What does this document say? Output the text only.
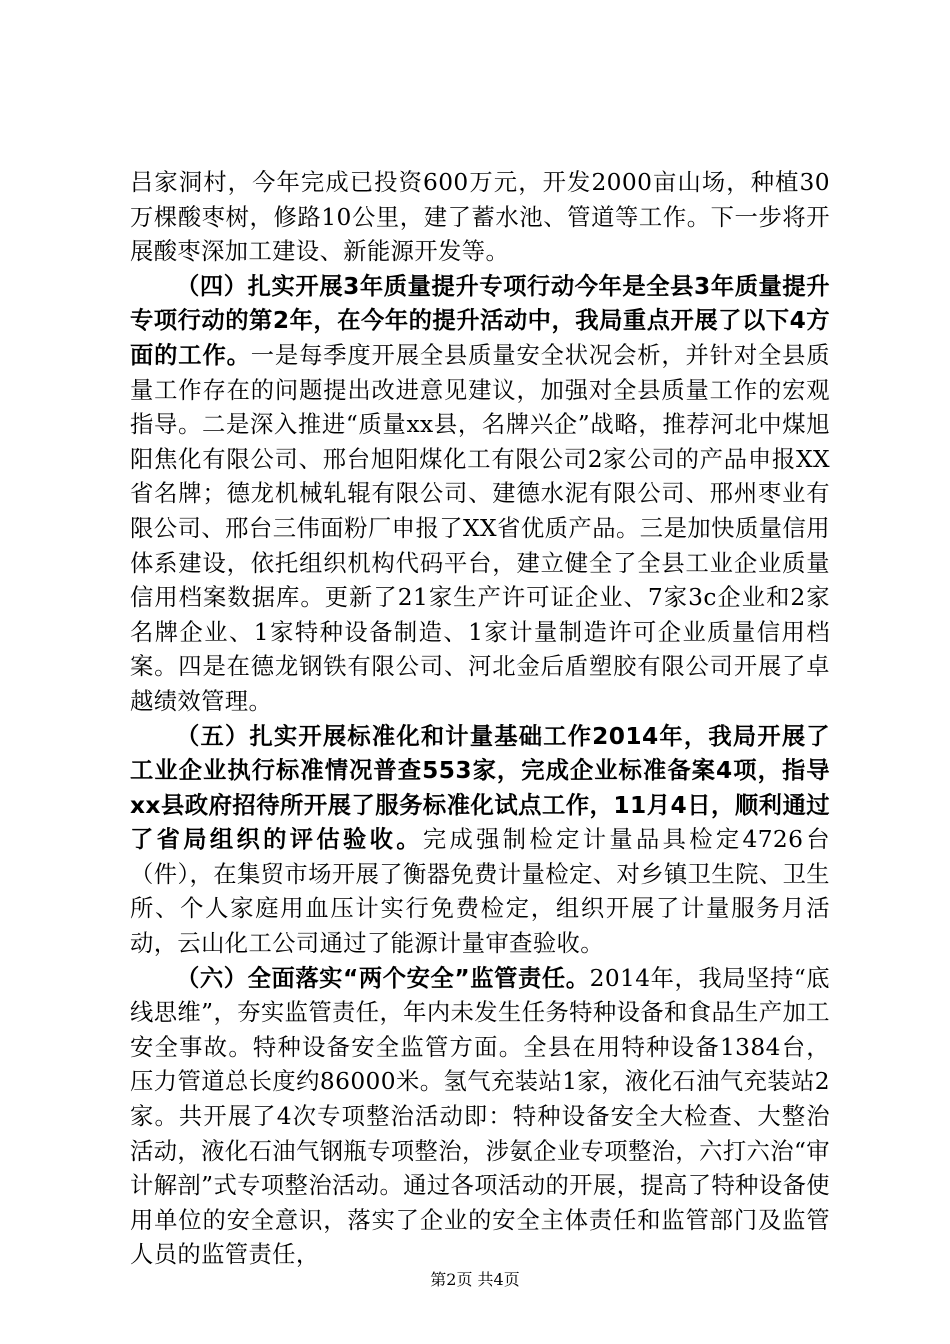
吕家洞村，今年完成已投资600万元，开发2000亩山场，种植30万棵酸枣树，修路10公里，建了蓄水池、管道等工作。下一步将开展酸枣深加工建设、新能源开发等。

（四）扎实开展3年质量提升专项行动今年是全县3年质量提升专项行动的第2年，在今年的提升活动中，我局重点开展了以下4方面的工作。一是每季度开展全县质量安全状况会析，并针对全县质量工作存在的问题提出改进意见建议，加强对全县质量工作的宏观指导。二是深入推进“质量xx县，名牌兴企”战略，推荐河北中煤旭阳焦化有限公司、邢台旭阳煤化工有限公司2家公司的产品申报XX省名牌；德龙机械轧辊有限公司、建德水泥有限公司、邢州枣业有限公司、邢台三伟面粉厂申报了XX省优质产品。三是加快质量信用体系建设，依托组织机构代码平台，建立健全了全县工业企业质量信用档案数据库。更新了21家生产许可证企业、7家3c企业和2家名牌企业、1家特种设备制造、1家计量制造许可企业质量信用档案。四是在德龙钢铁有限公司、河北金后盾塑胶有限公司开展了卓越绩效管理。

（五）扎实开展标准化和计量基础工作2014年，我局开展了工业企业执行标准情况普查553家，完成企业标准备案4项，指导xx县政府招待所开展了服务标准化试点工作，11月4日，顺利通过了省局组织的评估验收。完成强制检定计量品具检定4726台（件），在集贸市场开展了衡器免费计量检定、对乡镇卫生院、卫生所、个人家庭用血压计实行免费检定，组织开展了计量服务月活动，云山化工公司通过了能源计量审查验收。

（六）全面落实“两个安全”监管责任。2014年，我局坚持“底线思维”，夯实监管责任，年内未发生任务特种设备和食品生产加工安全事故。特种设备安全监管方面。全县在用特种设备1384台，压力管道总长度约86000米。氢气充装站1家，液化石油气充装站2家。共开展了4次专项整治活动即：特种设备安全大检查、大整治活动，液化石油气钢瓶专项整治，涉氨企业专项整治，六打六治“审计解剖”式专项整治活动。通过各项活动的开展，提高了特种设备使用单位的安全意识，落实了企业的安全主体责任和监管部门及监管人员的监管责任，

第2页 共4页
